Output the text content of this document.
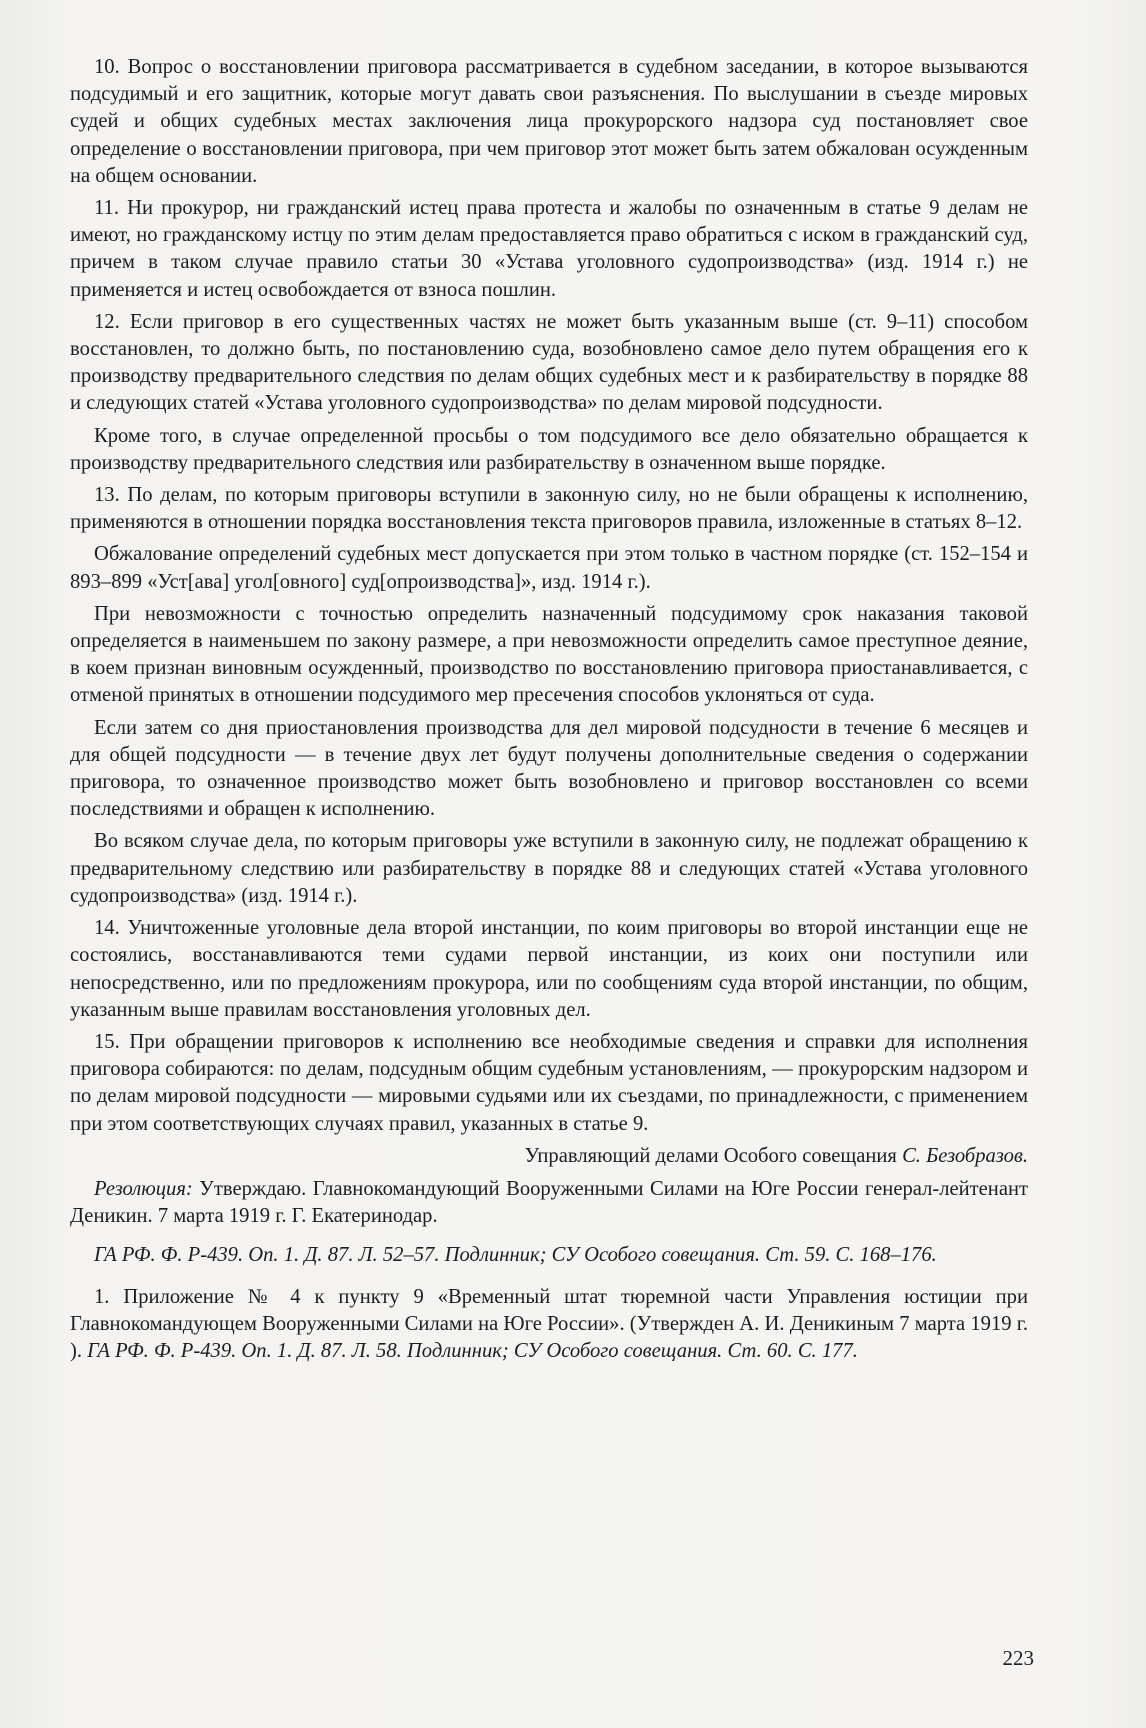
10. Вопрос о восстановлении приговора рассматривается в судебном заседании, в которое вызываются подсудимый и его защитник, которые могут давать свои разъяснения. По выслушании в съезде мировых судей и общих судебных местах заключения лица прокурорского надзора суд постановляет свое определение о восстановлении приговора, при чем приговор этот может быть затем обжалован осужденным на общем основании.

11. Ни прокурор, ни гражданский истец права протеста и жалобы по означенным в статье 9 делам не имеют, но гражданскому истцу по этим делам предоставляется право обратиться с иском в гражданский суд, причем в таком случае правило статьи 30 «Устава уголовного судопроизводства» (изд. 1914 г.) не применяется и истец освобождается от взноса пошлин.

12. Если приговор в его существенных частях не может быть указанным выше (ст. 9–11) способом восстановлен, то должно быть, по постановлению суда, возобновлено самое дело путем обращения его к производству предварительного следствия по делам общих судебных мест и к разбирательству в порядке 88 и следующих статей «Устава уголовного судопроизводства» по делам мировой подсудности.

Кроме того, в случае определенной просьбы о том подсудимого все дело обязательно обращается к производству предварительного следствия или разбирательству в означенном выше порядке.

13. По делам, по которым приговоры вступили в законную силу, но не были обращены к исполнению, применяются в отношении порядка восстановления текста приговоров правила, изложенные в статьях 8–12.

Обжалование определений судебных мест допускается при этом только в частном порядке (ст. 152–154 и 893–899 «Уст[ава] угол[овного] суд[опроизводства]», изд. 1914 г.).

При невозможности с точностью определить назначенный подсудимому срок наказания таковой определяется в наименьшем по закону размере, а при невозможности определить самое преступное деяние, в коем признан виновным осужденный, производство по восстановлению приговора приостанавливается, с отменой принятых в отношении подсудимого мер пресечения способов уклоняться от суда.

Если затем со дня приостановления производства для дел мировой подсудности в течение 6 месяцев и для общей подсудности — в течение двух лет будут получены дополнительные сведения о содержании приговора, то означенное производство может быть возобновлено и приговор восстановлен со всеми последствиями и обращен к исполнению.

Во всяком случае дела, по которым приговоры уже вступили в законную силу, не подлежат обращению к предварительному следствию или разбирательству в порядке 88 и следующих статей «Устава уголовного судопроизводства» (изд. 1914 г.).

14. Уничтоженные уголовные дела второй инстанции, по коим приговоры во второй инстанции еще не состоялись, восстанавливаются теми судами первой инстанции, из коих они поступили или непосредственно, или по предложениям прокурора, или по сообщениям суда второй инстанции, по общим, указанным выше правилам восстановления уголовных дел.

15. При обращении приговоров к исполнению все необходимые сведения и справки для исполнения приговора собираются: по делам, подсудным общим судебным установлениям, — прокурорским надзором и по делам мировой подсудности — мировыми судьями или их съездами, по принадлежности, с применением при этом соответствующих случаях правил, указанных в статье 9.

Управляющий делами Особого совещания С. Безобразов.

Резолюция: Утверждаю. Главнокомандующий Вооруженными Силами на Юге России генерал-лейтенант Деникин. 7 марта 1919 г. Г. Екатеринодар.

ГА РФ. Ф. Р-439. Оп. 1. Д. 87. Л. 52–57. Подлинник; СУ Особого совещания. Ст. 59. С. 168–176.

1. Приложение № 4 к пункту 9 «Временный штат тюремной части Управления юстиции при Главнокомандующем Вооруженными Силами на Юге России». (Утвержден А. И. Деникиным 7 марта 1919 г. ). ГА РФ. Ф. Р-439. Оп. 1. Д. 87. Л. 58. Подлинник; СУ Особого совещания. Ст. 60. С. 177.

223
